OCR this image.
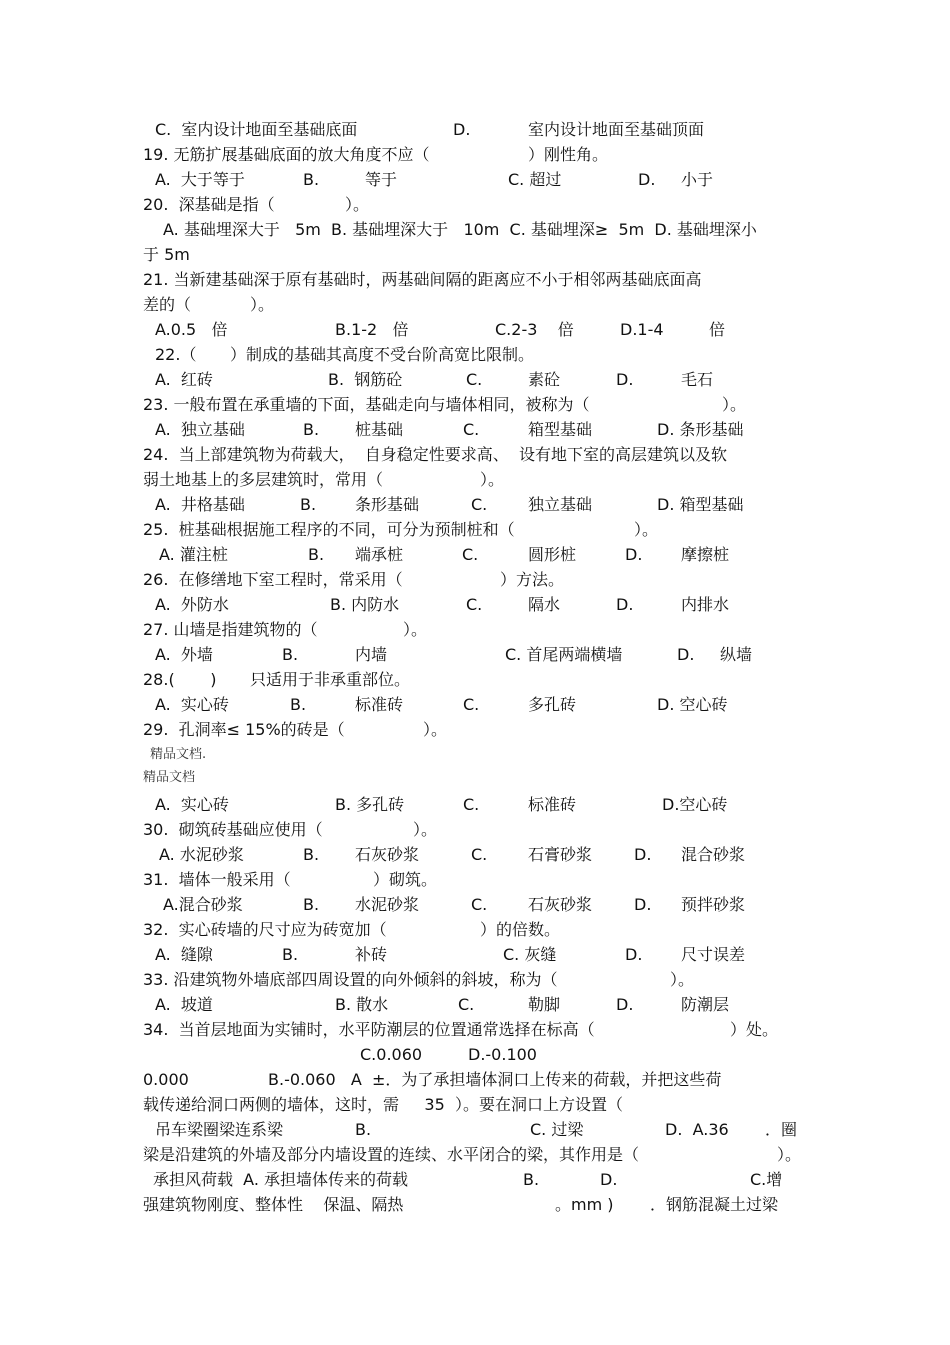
C.  室内设计地面至基础底面	D.	室内设计地面至基础顶面
19. 无筋扩展基础底面的放大角度不应（	）刚性角。
A.  大于等于	B.	等于	C. 超过	D. 小于
20.  深基础是指（	）。
A. 基础埋深大于   5m  B. 基础埋深大于   10m  C. 基础埋深≥  5m  D. 基础埋深小
于 5m
21. 当新建基础深于原有基础时，两基础间隔的距离应不小于相邻两基础底面高
差的（	）。
A.0.5   倍	B.1-2   倍	C.2-3    倍	D.1-4	倍
22.（ ）制成的基础其高度不受台阶高宽比限制。
A.  红砖	B.  钢筋砼	C.	素砼	D.	毛石
23. 一般布置在承重墙的下面，基础走向与墙体相同，被称为（	）。
A.  独立基础	B. 桩基础	C.	箱型基础	D. 条形基础
24.  当上部建筑物为荷载大，  自身稳定性要求高、  设有地下室的高层建筑以及软
弱土地基上的多层建筑时，常用（	）。
A.  井格基础	B. 条形基础	C.	独立基础	D. 箱型基础
25.  桩基础根据施工程序的不同，可分为预制桩和（	）。
A. 灌注桩	B. 端承桩	C.	圆形桩	D. 摩擦桩
26.  在修缮地下室工程时，常采用（	）方法。
A.  外防水	B. 内防水	C.	隔水	D.	内排水
27. 山墙是指建筑物的（	）。
A.  外墙	B.	内墙	C. 首尾两端横墙	D. 纵墙
28.(       ) 只适用于非承重部位。
A.  实心砖	B.	标准砖	C.	多孔砖	D. 空心砖
29.  孔洞率≤ 15%的砖是（	）。
精品文档.
精品文档
A.  实心砖	B. 多孔砖	C.	标准砖	D.空心砖
30.  砌筑砖基础应使用（	）。
A. 水泥砂浆	B. 石灰砂浆	C.	石膏砂浆	D. 混合砂浆
31.  墙体一般采用（	）砌筑。
A.混合砂浆	B. 水泥砂浆	C.	石灰砂浆	D. 预拌砂浆
32.  实心砖墙的尺寸应为砖宽加（	）的倍数。
A.  缝隙	B.	补砖	C. 灰缝	D. 尺寸误差
33. 沿建筑物外墙底部四周设置的向外倾斜的斜坡，称为（	）。
A.  坡道	B. 散水	C.	勒脚	D.	防潮层
34.  当首层地面为实铺时，水平防潮层的位置通常选择在标高（	）处。
C.0.060	D.-0.100
0.000	B.-0.060   A  ±．为了承担墙体洞口上传来的荷载，并把这些荷
载传递给洞口两侧的墙体，这时，需     35  ）。要在洞口上方设置（
吊车梁圈梁连系梁	B.	C. 过梁	D.  A.36 ．圈
梁是沿建筑的外墙及部分内墙设置的连续、水平闭合的梁，其作用是（	）。
承担风荷载  A. 承担墙体传来的荷载	B.	D.	C.增
强建筑物刚度、整体性    保温、隔热	。mm ) ．钢筋混凝土过梁
